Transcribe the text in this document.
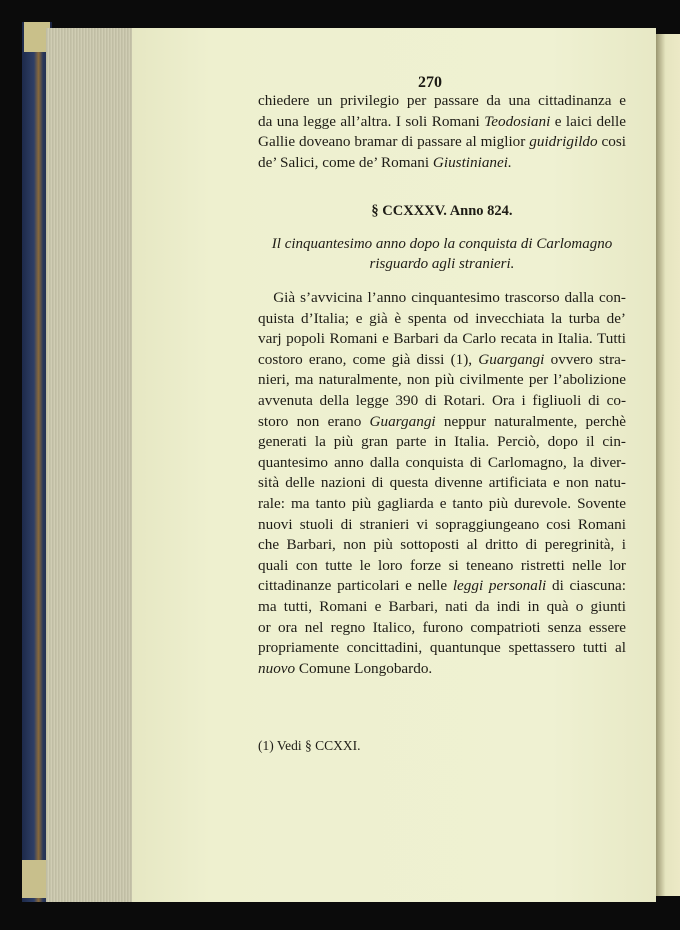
270
chiedere un privilegio per passare da una cittadinanza e
da una legge all’altra. I soli Romani Teodosiani e laici delle
Gallie doveano bramar di passare al miglior guidrigildo cosi
de’ Salici, come de’ Romani Giustinianei.
§ CCXXXV. Anno 824.
Il cinquantesimo anno dopo la conquista di Carlomagno
risguardo agli stranieri.
 Già s’avvicina l’anno cinquantesimo trascorso dalla con-
quista d’Italia; e già è spenta od invecchiata la turba de’
varj popoli Romani e Barbari da Carlo recata in Italia. Tutti
costoro erano, come già dissi (1), Guargangi ovvero stra-
nieri, ma naturalmente, non più civilmente per l’abolizione
avvenuta della legge 390 di Rotari. Ora i figliuoli di co-
storo non erano Guargangi neppur naturalmente, perchè
generati la più gran parte in Italia. Perciò, dopo il cin-
quantesimo anno dalla conquista di Carlomagno, la diver-
sità delle nazioni di questa divenne artificiata e non natu-
rale: ma tanto più gagliarda e tanto più durevole. Sovente
nuovi stuoli di stranieri vi sopraggiungeano cosi Romani
che Barbari, non più sottoposti al dritto di peregrinità, i
quali con tutte le loro forze si teneano ristretti nelle lor
cittadinanze particolari e nelle leggi personali di ciascuna:
ma tutti, Romani e Barbari, nati da indi in quà o giunti
or ora nel regno Italico, furono compatrioti senza essere
propriamente concittadini, quantunque spettassero tutti al
nuovo Comune Longobardo.
(1) Vedi § CCXXI.
